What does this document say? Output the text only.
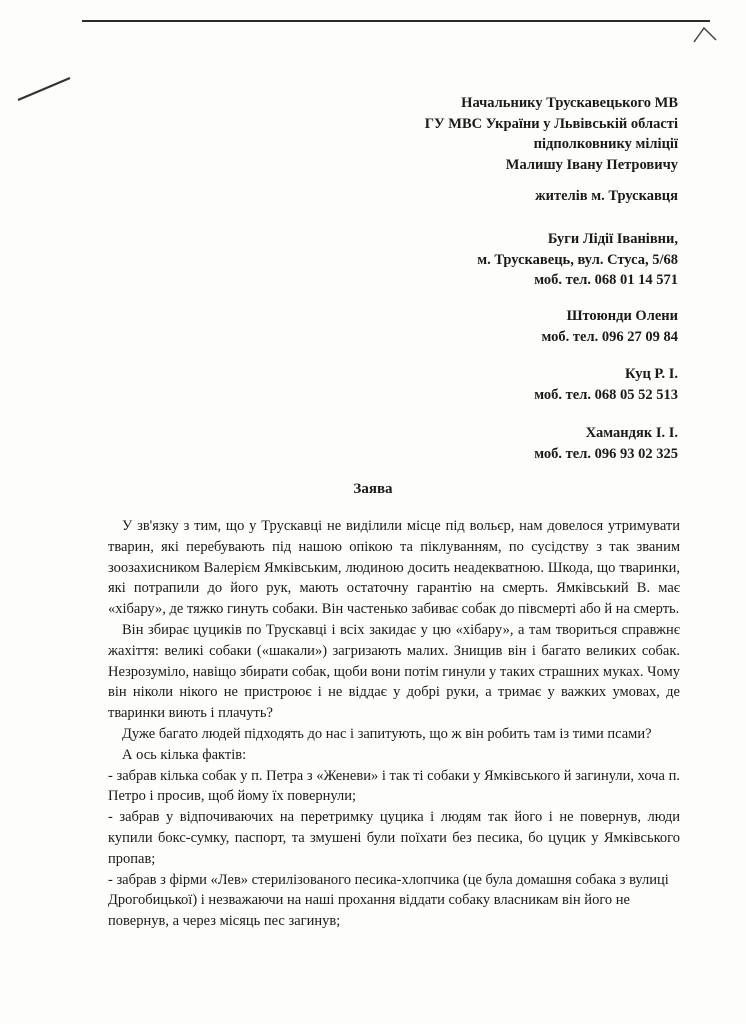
Начальнику Трускавецького МВ
ГУ МВС України у Львівській області
підполковнику міліції
Малишу Івану Петровичу
жителів м. Трускавця
Буги Лідії Іванівни,
м. Трускавець, вул. Стуса, 5/68
моб. тел. 068 01 14 571
Штоюнди Олени
моб. тел. 096 27 09 84
Куц Р. І.
моб. тел. 068 05 52 513
Хамандяк І. І.
моб. тел. 096 93 02 325
Заява

У зв'язку з тим, що у Трускавці не виділили місце під вольєр, нам довелося утримувати тварин, які перебувають під нашою опікою та піклуванням, по сусідству з так званим зоозахисником Валерієм Ямківським, людиною досить неадекватною. Шкода, що тваринки, які потрапили до його рук, мають остаточну гарантію на смерть. Ямківський В. має «хібару», де тяжко гинуть собаки. Він частенько забиває собак до півсмерті або й на смерть.

Він збирає цуциків по Трускавці і всіх закидає у цю «хібару», а там твориться справжнє жахіття: великі собаки («шакали») загризають малих. Знищив він і багато великих собак. Незрозуміло, навіщо збирати собак, щоби вони потім гинули у таких страшних муках. Чому він ніколи нікого не пристроює і не віддає у добрі руки, а тримає у важких умовах, де тваринки виють і плачуть?

Дуже багато людей підходять до нас і запитують, що ж він робить там із тими псами?

А ось кілька фактів:

- забрав кілька собак у п. Петра з «Женеви» і так ті собаки у Ямківського й загинули, хоча п. Петро і просив, щоб йому їх повернули;

- забрав у відпочиваючих на перетримку цуцика і людям так його і не повернув, люди купили бокс-сумку, паспорт, та змушені були поїхати без песика, бо цуцик у Ямківського пропав;

- забрав з фірми «Лев» стерилізованого песика-хлопчика (це була домашня собака з вулиці Дрогобицької) і незважаючи на наші прохання віддати собаку власникам він його не повернув, а через місяць пес загинув;
